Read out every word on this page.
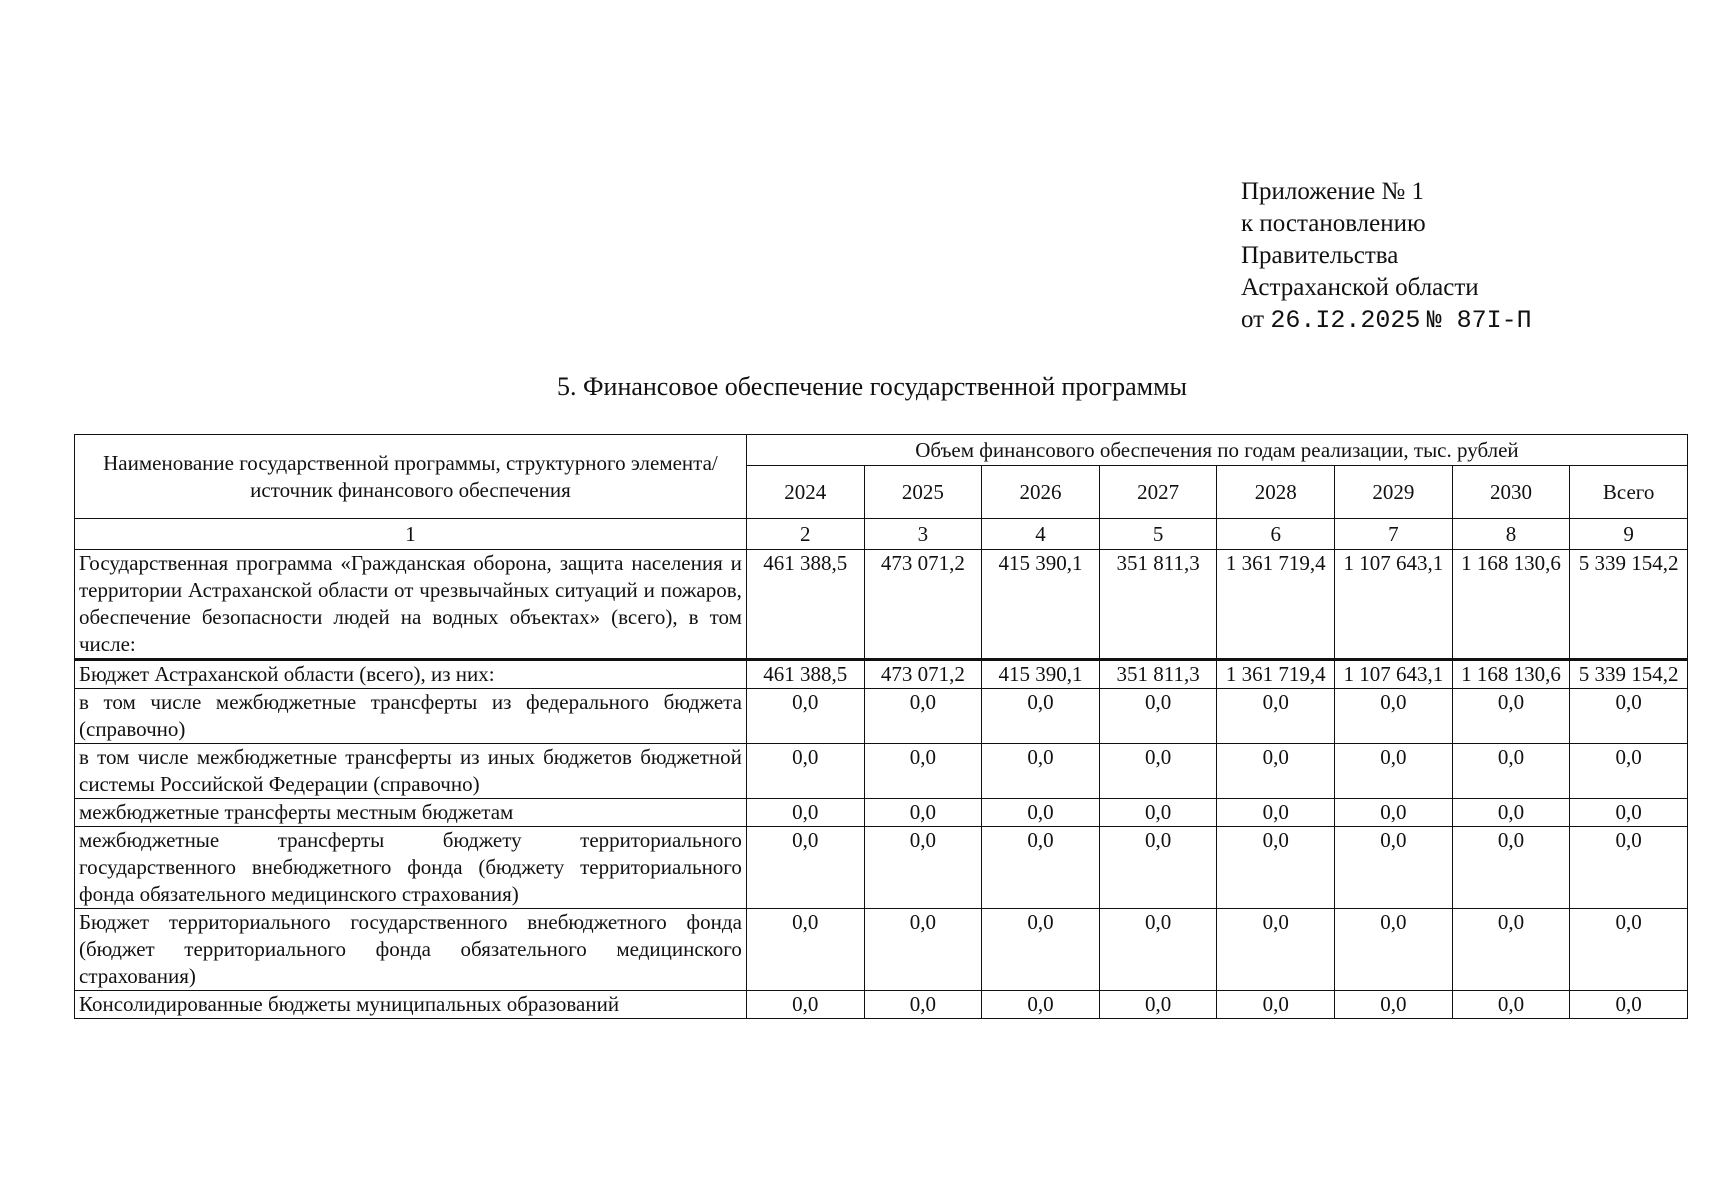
Приложение № 1
к постановлению
Правительства
Астраханской области
от 26.I2.2025 № 87I-П
5. Финансовое обеспечение государственной программы
Наименование государственной программы, структурного элемента/ источник финансового обеспечения	Объем финансового обеспечения по годам реализации, тыс. рублей							
	2024	2025	2026	2027	2028	2029	2030	Всего
1	2	3	4	5	6	7	8	9
Государственная программа «Гражданская оборона, защита населения и территории Астраханской области от чрезвычайных ситуаций и пожаров, обеспечение безопасности людей на водных объектах» (всего), в том числе:	461 388,5	473 071,2	415 390,1	351 811,3	1 361 719,4	1 107 643,1	1 168 130,6	5 339 154,2
Бюджет Астраханской области (всего), из них:	461 388,5	473 071,2	415 390,1	351 811,3	1 361 719,4	1 107 643,1	1 168 130,6	5 339 154,2
в том числе межбюджетные трансферты из федерального бюджета (справочно)	0,0	0,0	0,0	0,0	0,0	0,0	0,0	0,0
в том числе межбюджетные трансферты из иных бюджетов бюджетной системы Российской Федерации (справочно)	0,0	0,0	0,0	0,0	0,0	0,0	0,0	0,0
межбюджетные трансферты местным бюджетам	0,0	0,0	0,0	0,0	0,0	0,0	0,0	0,0
межбюджетные трансферты бюджету территориального государственного внебюджетного фонда (бюджету территориального фонда обязательного медицинского страхования)	0,0	0,0	0,0	0,0	0,0	0,0	0,0	0,0
Бюджет территориального государственного внебюджетного фонда (бюджет территориального фонда обязательного медицинского страхования)	0,0	0,0	0,0	0,0	0,0	0,0	0,0	0,0
Консолидированные бюджеты муниципальных образований	0,0	0,0	0,0	0,0	0,0	0,0	0,0	0,0
